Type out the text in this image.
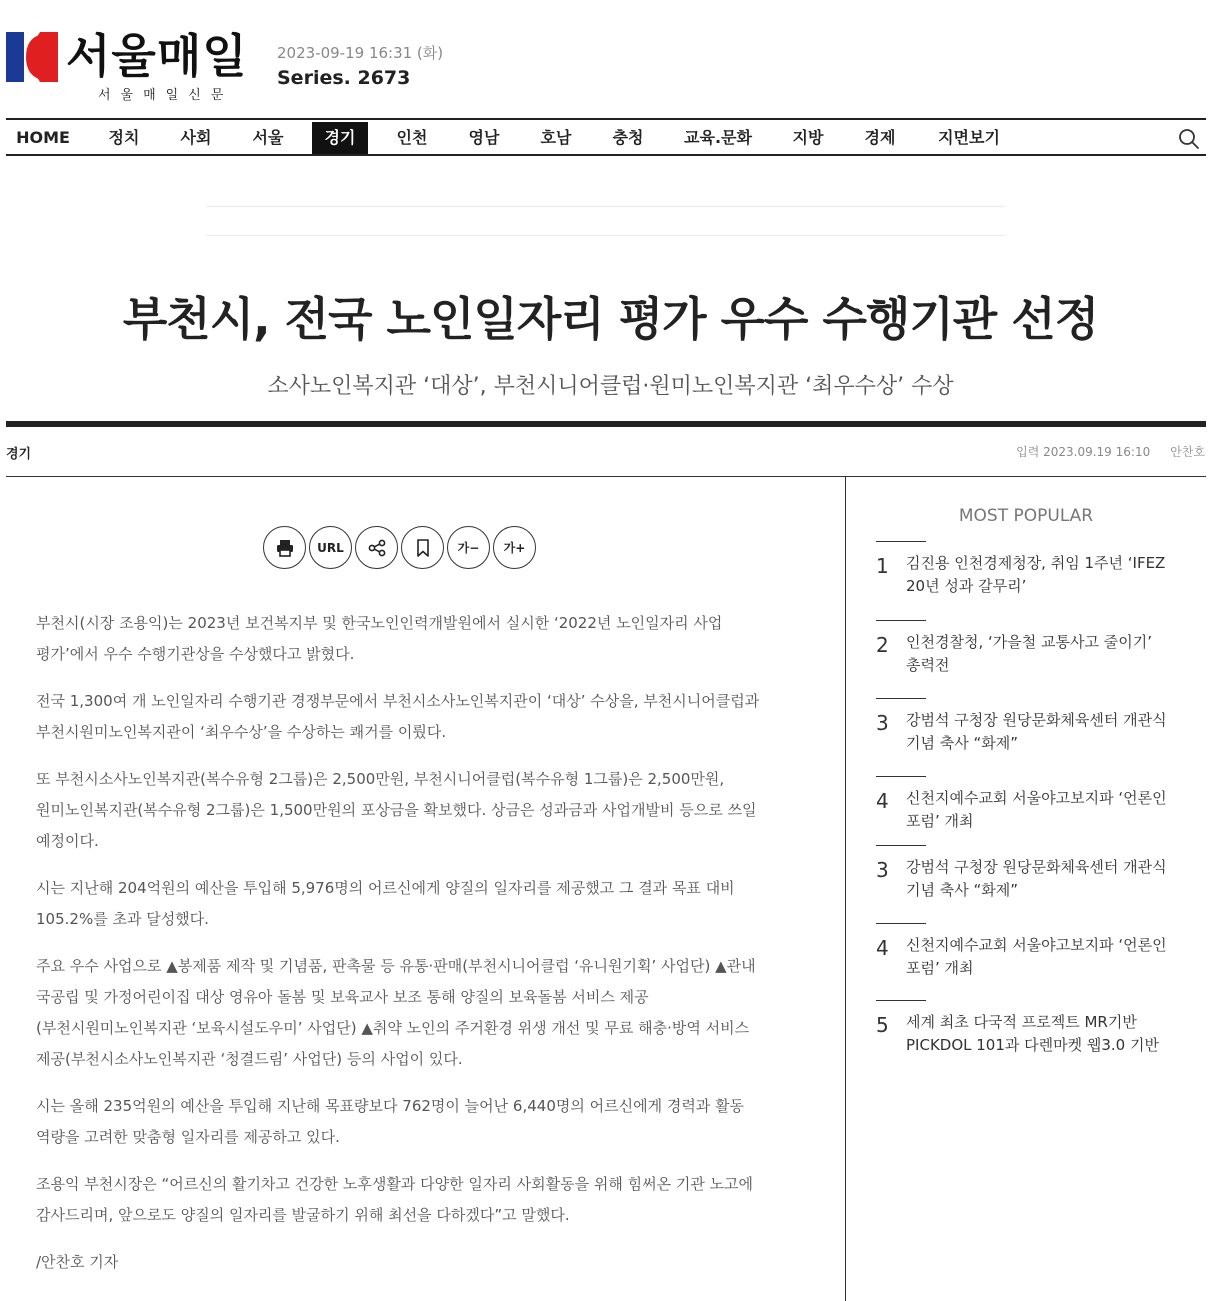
서울매일
서울매일신문
2023-09-19 16:31 (화)
Series. 2673
HOME	정치	사회	서울	경기	인천	영남	호남	충청	교육.문화	지방	경제	지면보기
부천시, 전국 노인일자리 평가 우수 수행기관 선정
소사노인복지관 ‘대상’, 부천시니어클럽·원미노인복지관 ‘최우수상’ 수상
경기	입력 2023.09.19 16:10 안찬호
URL	가−	가+

부천시(시장 조용익)는 2023년 보건복지부 및 한국노인인력개발원에서 실시한 ‘2022년 노인일자리 사업 평가’에서 우수 수행기관상을 수상했다고 밝혔다.

전국 1,300여 개 노인일자리 수행기관 경쟁부문에서 부천시소사노인복지관이 ‘대상’ 수상을, 부천시니어클럽과 부천시원미노인복지관이 ‘최우수상’을 수상하는 쾌거를 이뤘다.

또 부천시소사노인복지관(복수유형 2그룹)은 2,500만원, 부천시니어클럽(복수유형 1그룹)은 2,500만원, 원미노인복지관(복수유형 2그룹)은 1,500만원의 포상금을 확보했다. 상금은 성과금과 사업개발비 등으로 쓰일 예정이다.

시는 지난해 204억원의 예산을 투입해 5,976명의 어르신에게 양질의 일자리를 제공했고 그 결과 목표 대비 105.2%를 초과 달성했다.

주요 우수 사업으로 ▲봉제품 제작 및 기념품, 판촉물 등 유통·판매(부천시니어클럽 ‘유니원기획’ 사업단) ▲관내 국공립 및 가정어린이집 대상 영유아 돌봄 및 보육교사 보조 통해 양질의 보육돌봄 서비스 제공(부천시원미노인복지관 ‘보육시설도우미’ 사업단) ▲취약 노인의 주거환경 위생 개선 및 무료 해충·방역 서비스 제공(부천시소사노인복지관 ‘청결드림’ 사업단) 등의 사업이 있다.

시는 올해 235억원의 예산을 투입해 지난해 목표량보다 762명이 늘어난 6,440명의 어르신에게 경력과 활동 역량을 고려한 맞춤형 일자리를 제공하고 있다.

조용익 부천시장은 “어르신의 활기차고 건강한 노후생활과 다양한 일자리 사회활동을 위해 힘써온 기관 노고에 감사드리며, 앞으로도 양질의 일자리를 발굴하기 위해 최선을 다하겠다”고 말했다.

/안찬호 기자

MOST POPULAR
1 김진용 인천경제청장, 취임 1주년 ‘IFEZ 20년 성과 갈무리’
2 인천경찰청, ‘가을철 교통사고 줄이기’ 총력전
3 강범석 구청장 원당문화체육센터 개관식 기념 축사 “화제”
4 신천지예수교회 서울야고보지파 ‘언론인 포럼’ 개최
3 강범석 구청장 원당문화체육센터 개관식 기념 축사 “화제”
4 신천지예수교회 서울야고보지파 ‘언론인 포럼’ 개최
5 세계 최초 다국적 프로젝트 MR기반 PICKDOL 101과 다렌마켓 웹3.0 기반
